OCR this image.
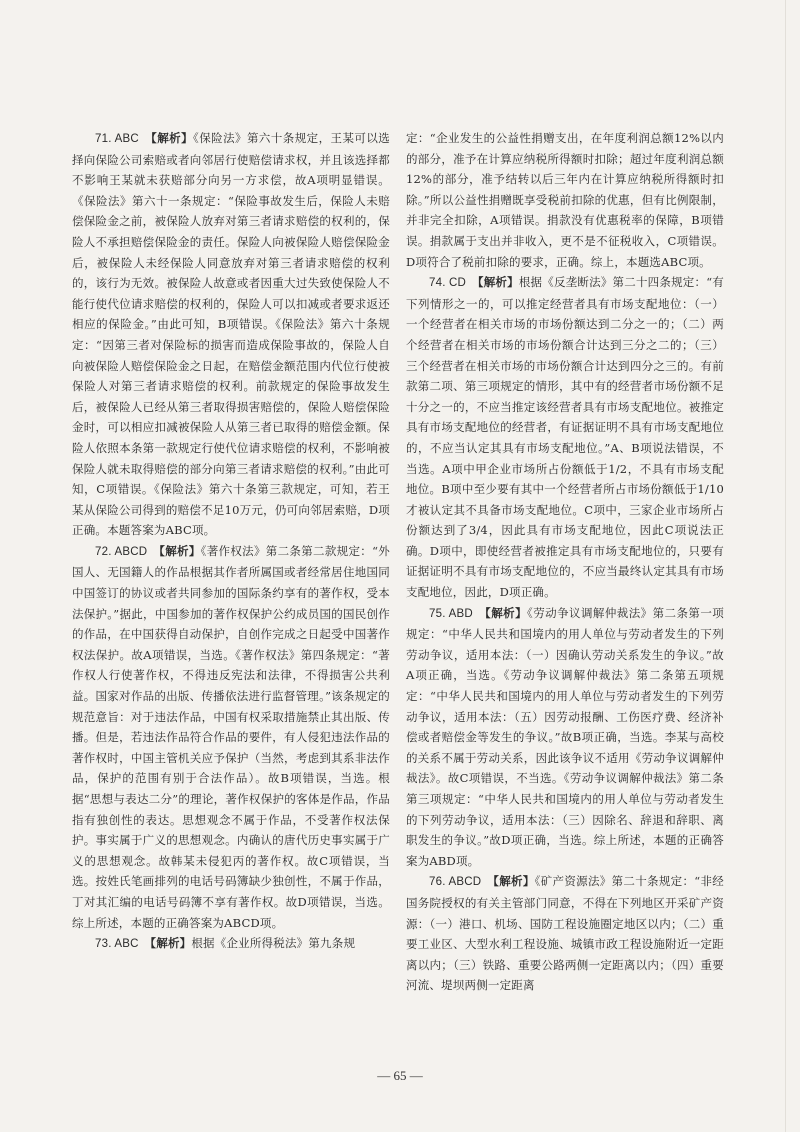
71. ABC　 【解析】《保险法》第六十条规定，王某可以选择向保险公司索赔或者向邻居行使赔偿请求权，并且该选择都不影响王某就未获赔部分向另一方求偿，故A项明显错误。《保险法》第六十一条规定：“保险事故发生后，保险人未赔偿保险金之前，被保险人放弃对第三者请求赔偿的权利的，保险人不承担赔偿保险金的责任。保险人向被保险人赔偿保险金后，被保险人未经保险人同意放弃对第三者请求赔偿的权利的，该行为无效。被保险人故意或者因重大过失致使保险人不能行使代位请求赔偿的权利的，保险人可以扣减或者要求返还相应的保险金。”由此可知，B项错误。《保险法》第六十条规定：“因第三者对保险标的损害而造成保险事故的，保险人自向被保险人赔偿保险金之日起，在赔偿金额范围内代位行使被保险人对第三者请求赔偿的权利。前款规定的保险事故发生后，被保险人已经从第三者取得损害赔偿的，保险人赔偿保险金时，可以相应扣减被保险人从第三者已取得的赔偿金额。保险人依照本条第一款规定行使代位请求赔偿的权利，不影响被保险人就未取得赔偿的部分向第三者请求赔偿的权利。”由此可知，C项错误。《保险法》第六十条第三款规定，可知，若王某从保险公司得到的赔偿不足10万元，仍可向邻居索赔，D项正确。本题答案为ABC项。

72. ABCD　 【解析】《著作权法》第二条第二款规定：“外国人、无国籍人的作品根据其作者所属国或者经常居住地国同中国签订的协议或者共同参加的国际条约享有的著作权，受本法保护。”据此，中国参加的著作权保护公约成员国的国民创作的作品，在中国获得自动保护，自创作完成之日起受中国著作权法保护。故A项错误，当选。《著作权法》第四条规定：“著作权人行使著作权，不得违反宪法和法律，不得损害公共利益。国家对作品的出版、传播依法进行监督管理。”该条规定的规范意旨：对于违法作品，中国有权采取措施禁止其出版、传播。但是，若违法作品符合作品的要件，有人侵犯违法作品的著作权时，中国主管机关应予保护（当然，考虑到其系非法作品，保护的范围有别于合法作品）。故B项错误，当选。根据“思想与表达二分”的理论，著作权保护的客体是作品，作品指有独创性的表达。思想观念不属于作品，不受著作权法保护。事实属于广义的思想观念。内确认的唐代历史事实属于广义的思想观念。故韩某未侵犯丙的著作权。故C项错误，当选。按姓氏笔画排列的电话号码簿缺少独创性，不属于作品，丁对其汇编的电话号码簿不享有著作权。故D项错误，当选。综上所述，本题的正确答案为ABCD项。

73. ABC　 【解析】根据《企业所得税法》第九条规

定：“企业发生的公益性捐赠支出，在年度利润总额12%以内的部分，准予在计算应纳税所得额时扣除；超过年度利润总额12%的部分，准予结转以后三年内在计算应纳税所得额时扣除。”所以公益性捐赠既享受税前扣除的优惠，但有比例限制，并非完全扣除，A项错误。捐款没有优惠税率的保障，B项错误。捐款属于支出并非收入，更不是不征税收入，C项错误。D项符合了税前扣除的要求，正确。综上，本题选ABC项。

74. CD　 【解析】根据《反垄断法》第二十四条规定：“有下列情形之一的，可以推定经营者具有市场支配地位：（一）一个经营者在相关市场的市场份额达到二分之一的；（二）两个经营者在相关市场的市场份额合计达到三分之二的；（三）三个经营者在相关市场的市场份额合计达到四分之三的。有前款第二项、第三项规定的情形，其中有的经营者市场份额不足十分之一的，不应当推定该经营者具有市场支配地位。被推定具有市场支配地位的经营者，有证据证明不具有市场支配地位的，不应当认定其具有市场支配地位。”A、B项说法错误，不当选。A项中甲企业市场所占份额低于1/2，不具有市场支配地位。B项中至少要有其中一个经营者所占市场份额低于1/10才被认定其不具备市场支配地位。C项中，三家企业市场所占份额达到了3/4，因此具有市场支配地位，因此C项说法正确。D项中，即使经营者被推定具有市场支配地位的，只要有证据证明不具有市场支配地位的，不应当最终认定其具有市场支配地位，因此，D项正确。

75. ABD　 【解析】《劳动争议调解仲裁法》第二条第一项规定：“中华人民共和国境内的用人单位与劳动者发生的下列劳动争议，适用本法：（一）因确认劳动关系发生的争议。”故A项正确，当选。《劳动争议调解仲裁法》第二条第五项规定：“中华人民共和国境内的用人单位与劳动者发生的下列劳动争议，适用本法：（五）因劳动报酬、工伤医疗费、经济补偿或者赔偿金等发生的争议。”故B项正确，当选。李某与高校的关系不属于劳动关系，因此该争议不适用《劳动争议调解仲裁法》。故C项错误，不当选。《劳动争议调解仲裁法》第二条第三项规定：“中华人民共和国境内的用人单位与劳动者发生的下列劳动争议，适用本法：（三）因除名、辞退和辞职、离职发生的争议。”故D项正确，当选。综上所述，本题的正确答案为ABD项。

76. ABCD　 【解析】《矿产资源法》第二十条规定：“非经国务院授权的有关主管部门同意，不得在下列地区开采矿产资源：（一）港口、机场、国防工程设施圈定地区以内；（二）重要工业区、大型水利工程设施、城镇市政工程设施附近一定距离以内；（三）铁路、重要公路两侧一定距离以内；（四）重要河流、堤坝两侧一定距离

— 65 —
